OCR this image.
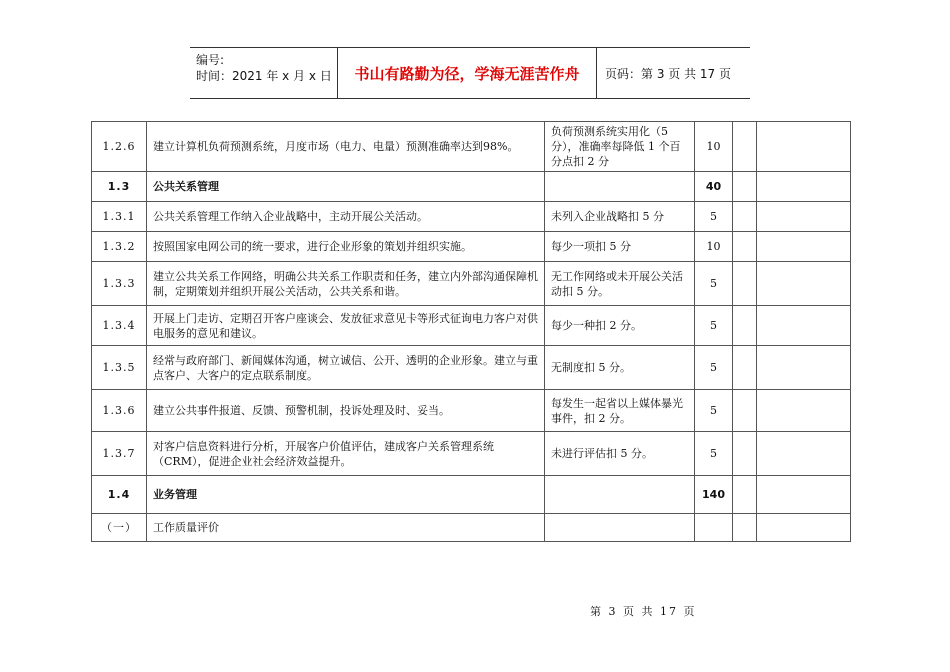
编号:
时间：2021 年 x 月 x 日	书山有路勤为径，学海无涯苦作舟	页码：第 3 页 共 17 页
1.2.6	建立计算机负荷预测系统，月度市场（电力、电量）预测准确率达到98%。	负荷预测系统实用化（5分），准确率每降低 1 个百分点扣 2 分	10		
1.3	公共关系管理		40		
1.3.1	公共关系管理工作纳入企业战略中，主动开展公关活动。	未列入企业战略扣 5 分	5		
1.3.2	按照国家电网公司的统一要求，进行企业形象的策划并组织实施。	每少一项扣 5 分	10		
1.3.3	建立公共关系工作网络，明确公共关系工作职责和任务，建立内外部沟通保障机制，定期策划并组织开展公关活动，公共关系和谐。	无工作网络或未开展公关活动扣 5 分。	5		
1.3.4	开展上门走访、定期召开客户座谈会、发放征求意见卡等形式征询电力客户对供电服务的意见和建议。	每少一种扣 2 分。	5		
1.3.5	经常与政府部门、新闻媒体沟通，树立诚信、公开、透明的企业形象。建立与重点客户、大客户的定点联系制度。	无制度扣 5 分。	5		
1.3.6	建立公共事件报道、反馈、预警机制，投诉处理及时、妥当。	每发生一起省以上媒体暴光事件，扣 2 分。	5		
1.3.7	对客户信息资料进行分析，开展客户价值评估，建成客户关系管理系统（CRM），促进企业社会经济效益提升。	未进行评估扣 5 分。	5		
1.4	业务管理		140		
（一）	工作质量评价				
第 3 页 共 17 页
